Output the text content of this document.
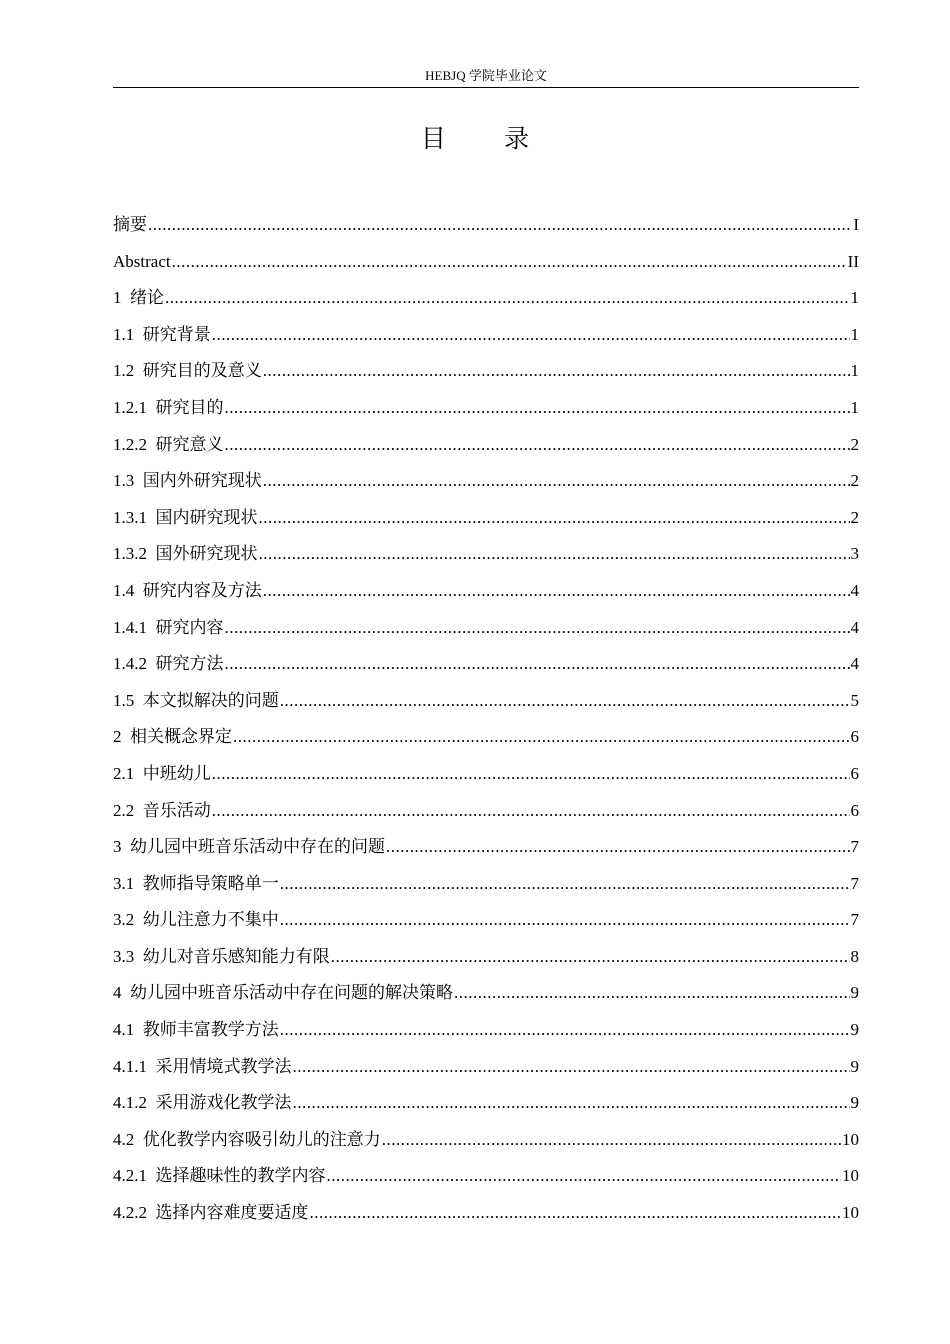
HEBJQ 学院毕业论文
目 录
摘要 .....	I
Abstract .....	II
1  绪论 .....	1
1.1  研究背景 .....	1
1.2  研究目的及意义 .....	1
1.2.1  研究目的 .....	1
1.2.2  研究意义 .....	2
1.3  国内外研究现状 .....	2
1.3.1  国内研究现状 .....	2
1.3.2  国外研究现状 .....	3
1.4  研究内容及方法 .....	4
1.4.1  研究内容 .....	4
1.4.2  研究方法 .....	4
1.5  本文拟解决的问题 .....	5
2  相关概念界定 .....	6
2.1  中班幼儿 .....	6
2.2  音乐活动 .....	6
3  幼儿园中班音乐活动中存在的问题 .....	7
3.1  教师指导策略单一 .....	7
3.2  幼儿注意力不集中 .....	7
3.3  幼儿对音乐感知能力有限 .....	8
4  幼儿园中班音乐活动中存在问题的解决策略 .....	9
4.1  教师丰富教学方法 .....	9
4.1.1  采用情境式教学法 .....	9
4.1.2  采用游戏化教学法 .....	9
4.2  优化教学内容吸引幼儿的注意力 .....	10
4.2.1  选择趣味性的教学内容 .....	10
4.2.2  选择内容难度要适度 .....	10
